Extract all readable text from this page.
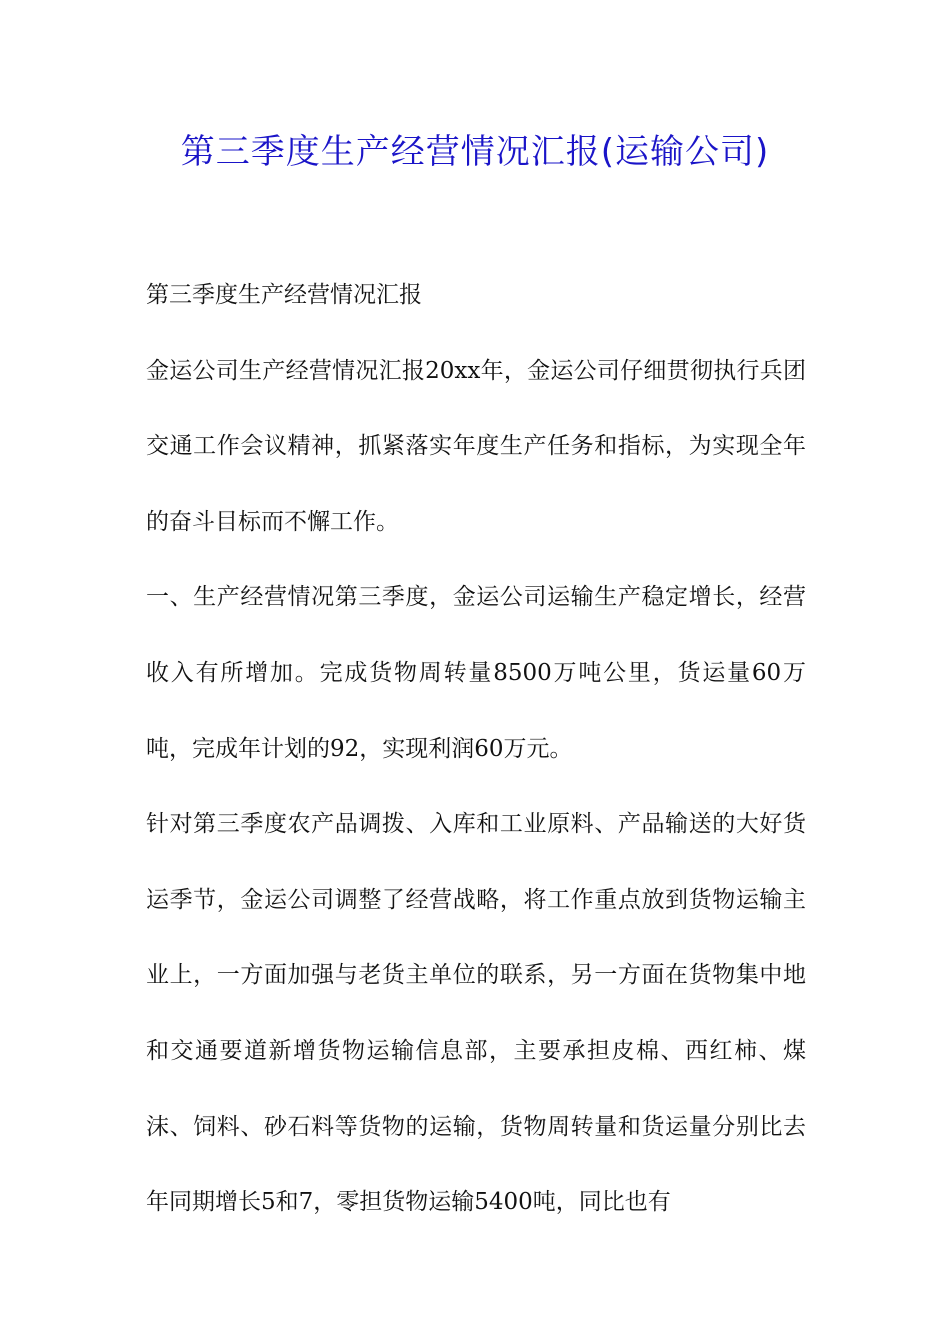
第三季度生产经营情况汇报(运输公司)

第三季度生产经营情况汇报

金运公司生产经营情况汇报20xx年，金运公司仔细贯彻执行兵团交通工作会议精神，抓紧落实年度生产任务和指标，为实现全年的奋斗目标而不懈工作。

一、生产经营情况第三季度，金运公司运输生产稳定增长，经营收入有所增加。完成货物周转量8500万吨公里，货运量60万吨，完成年计划的92，实现利润60万元。

针对第三季度农产品调拨、入库和工业原料、产品输送的大好货运季节，金运公司调整了经营战略，将工作重点放到货物运输主业上，一方面加强与老货主单位的联系，另一方面在货物集中地和交通要道新增货物运输信息部，主要承担皮棉、西红柿、煤沫、饲料、砂石料等货物的运输，货物周转量和货运量分别比去年同期增长5和7，零担货物运输5400吨，同比也有
